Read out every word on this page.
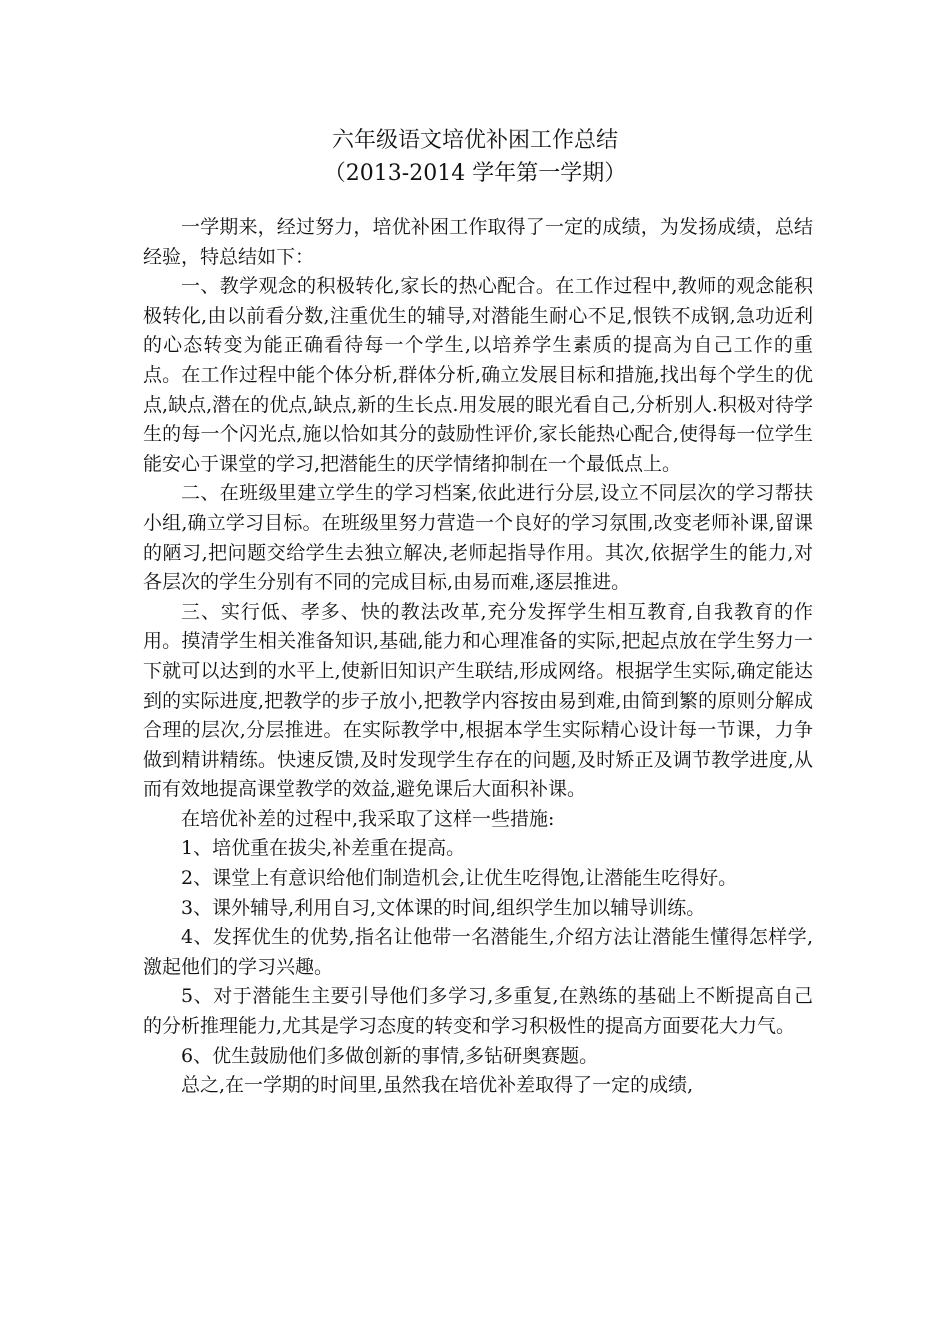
六年级语文培优补困工作总结
（2013-2014 学年第一学期）

一学期来，经过努力，培优补困工作取得了一定的成绩，为发扬成绩，总结经验，特总结如下：

一、教学观念的积极转化,家长的热心配合。在工作过程中,教师的观念能积极转化,由以前看分数,注重优生的辅导,对潜能生耐心不足,恨铁不成钢,急功近利的心态转变为能正确看待每一个学生,以培养学生素质的提高为自己工作的重点。在工作过程中能个体分析,群体分析,确立发展目标和措施,找出每个学生的优点,缺点,潜在的优点,缺点,新的生长点.用发展的眼光看自己,分析别人.积极对待学生的每一个闪光点,施以恰如其分的鼓励性评价,家长能热心配合,使得每一位学生能安心于课堂的学习,把潜能生的厌学情绪抑制在一个最低点上。

二、在班级里建立学生的学习档案,依此进行分层,设立不同层次的学习帮扶小组,确立学习目标。在班级里努力营造一个良好的学习氛围,改变老师补课,留课的陋习,把问题交给学生去独立解决,老师起指导作用。其次,依据学生的能力,对各层次的学生分别有不同的完成目标,由易而难,逐层推进。

三、实行低、孝多、快的教法改革,充分发挥学生相互教育,自我教育的作用。摸清学生相关准备知识,基础,能力和心理准备的实际,把起点放在学生努力一下就可以达到的水平上,使新旧知识产生联结,形成网络。根据学生实际,确定能达到的实际进度,把教学的步子放小,把教学内容按由易到难,由简到繁的原则分解成合理的层次,分层推进。在实际教学中,根据本学生实际精心设计每一节课，力争做到精讲精练。快速反馈,及时发现学生存在的问题,及时矫正及调节教学进度,从而有效地提高课堂教学的效益,避免课后大面积补课。

在培优补差的过程中,我采取了这样一些措施:

1、培优重在拔尖,补差重在提高。

2、课堂上有意识给他们制造机会,让优生吃得饱,让潜能生吃得好。

3、课外辅导,利用自习,文体课的时间,组织学生加以辅导训练。

4、发挥优生的优势,指名让他带一名潜能生,介绍方法让潜能生懂得怎样学,激起他们的学习兴趣。

5、对于潜能生主要引导他们多学习,多重复,在熟练的基础上不断提高自己的分析推理能力,尤其是学习态度的转变和学习积极性的提高方面要花大力气。

6、优生鼓励他们多做创新的事情,多钻研奥赛题。

总之,在一学期的时间里,虽然我在培优补差取得了一定的成绩,
